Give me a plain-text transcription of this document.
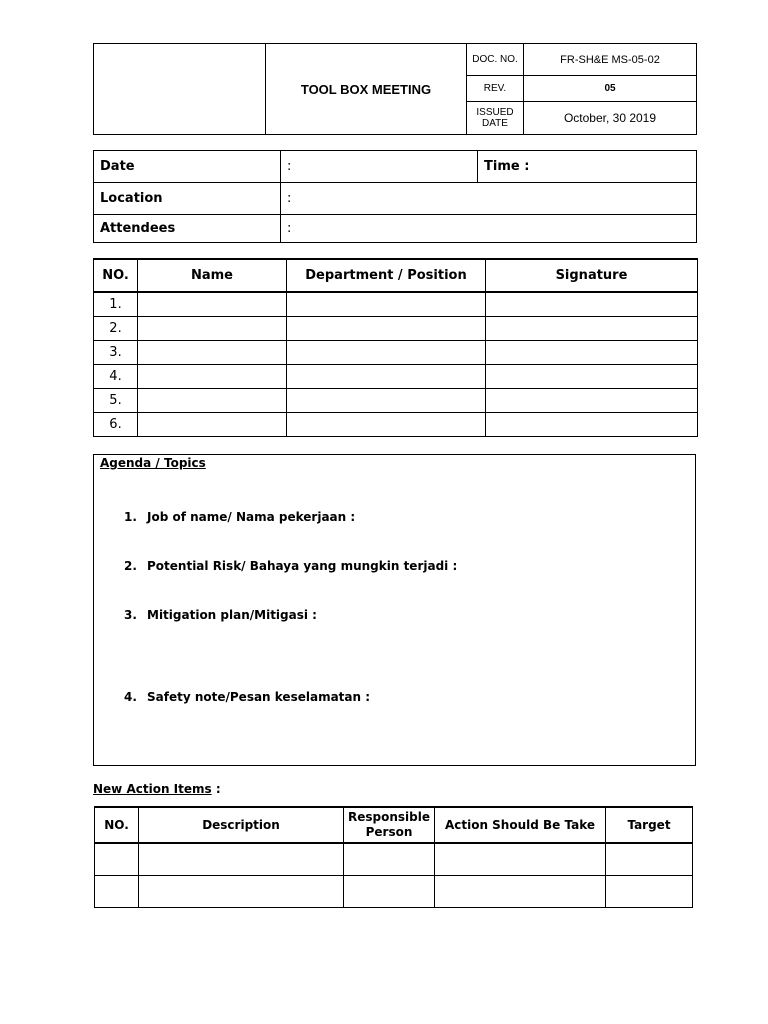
	TOOL BOX MEETING	DOC. NO.	FR-SH&E MS-05-02
		REV.	05
		ISSUED DATE	October, 30 2019
Date	:	Time :
Location	:	
Attendees	:	
NO.	Name	Department / Position	Signature
1.			
2.			
3.			
4.			
5.			
6.			
Agenda / Topics
1. Job of name/ Nama pekerjaan :
2. Potential Risk/ Bahaya yang mungkin terjadi :
3. Mitigation plan/Mitigasi :
4. Safety note/Pesan keselamatan :
New Action Items :
NO.	Description	Responsible Person	Action Should Be Take	Target
